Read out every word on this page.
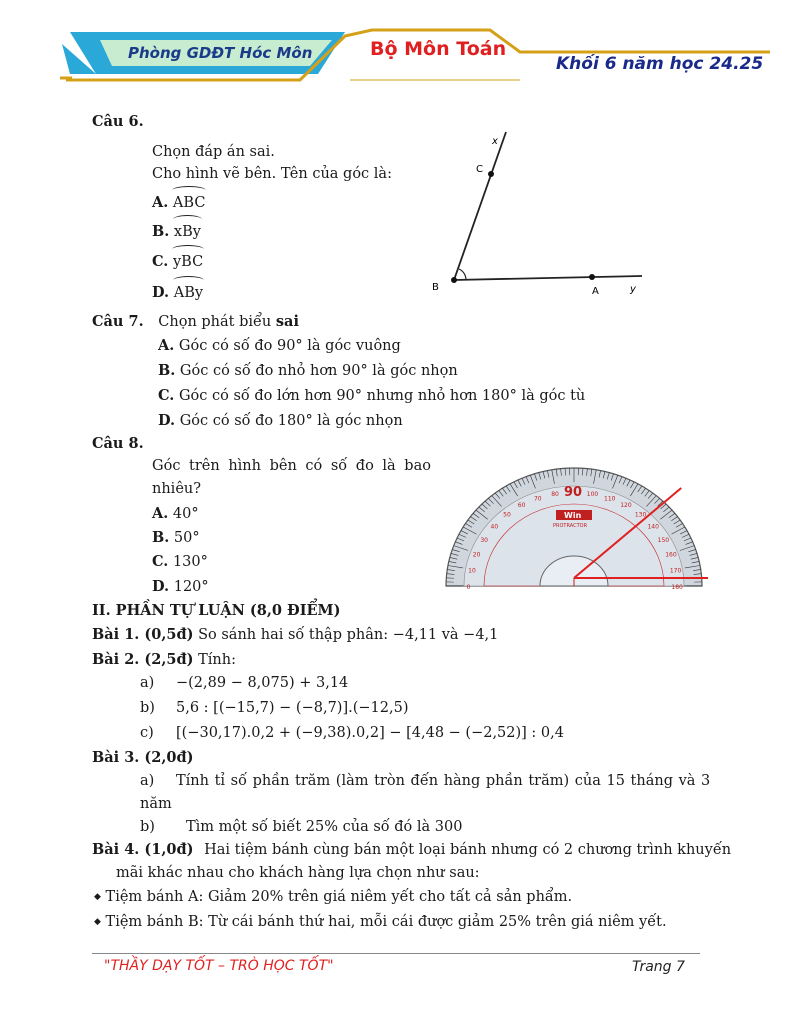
Phòng GDĐT Hóc Môn	Bộ Môn Toán
Khối 6 năm học 24.25
Câu 6.
Chọn đáp án sai.
Cho hình vẽ bên. Tên của góc là:
A. ABC
B. xBy
C. yBC
D. ABy
x
C
B	A	y
Câu 7. Chọn phát biểu sai
A. Góc có số đo 90° là góc vuông
B. Góc có số đo nhỏ hơn 90° là góc nhọn
C. Góc có số đo lớn hơn 90° nhưng nhỏ hơn 180° là góc tù
D. Góc có số đo 180° là góc nhọn
Câu 8.
Góc trên hình bên có số đo là bao
nhiêu?
A. 40°
B. 50°
C. 130°
D. 120°	180
170
160
150
140
130
120
110
100
80
70
60
50
40
30
20
10
0
90
Win
PROTRACTOR
II. PHẦN TỰ LUẬN (8,0 ĐIỂM)
Bài 1. (0,5đ) So sánh hai số thập phân: −4,11 và −4,1
Bài 2. (2,5đ) Tính:
a) −(2,89 − 8,075) + 3,14
b) 5,6 : [(−15,7) − (−8,7)].(−12,5)
c) [(−30,17).0,2 + (−9,38).0,2] − [4,48 − (−2,52)] : 0,4
Bài 3. (2,0đ)
a) Tính tỉ số phần trăm (làm tròn đến hàng phần trăm) của 15 tháng và 3
năm
b) Tìm một số biết 25% của số đó là 300
Bài 4. (1,0đ) Hai tiệm bánh cùng bán một loại bánh nhưng có 2 chương trình khuyến
mãi khác nhau cho khách hàng lựa chọn như sau:
◆ Tiệm bánh A: Giảm 20% trên giá niêm yết cho tất cả sản phẩm.
◆ Tiệm bánh B: Từ cái bánh thứ hai, mỗi cái được giảm 25% trên giá niêm yết.
"THẦY DẠY TỐT – TRÒ HỌC TỐT"	Trang 7
